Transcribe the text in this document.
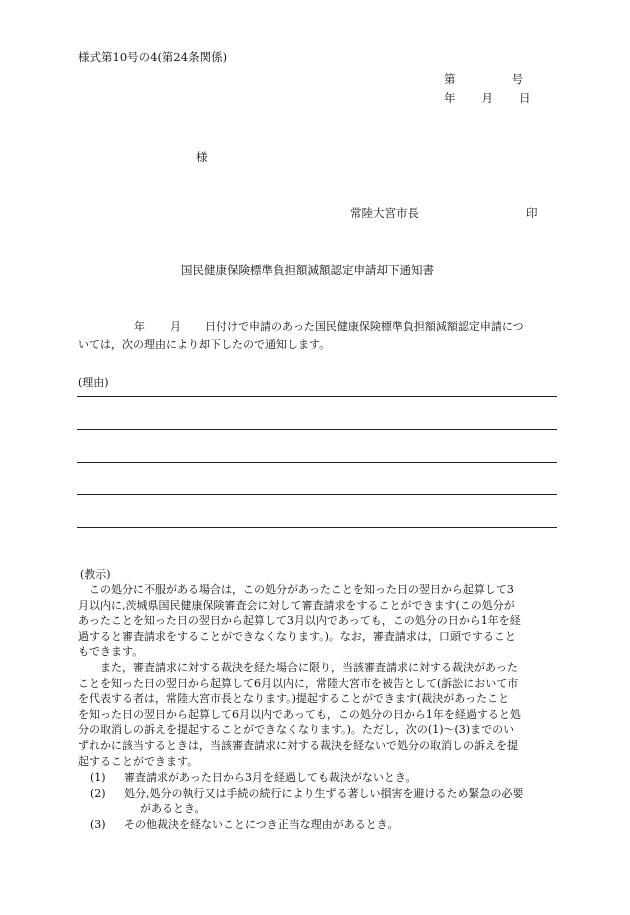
様式第10号の4(第24条関係)
第	号
年 月 日
様
常陸大宮市長	印
国民健康保険標準負担額減額認定申請却下通知書
年 月 日付けで申請のあった国民健康保険標準負担額減額認定申請につ
いては，次の理由により却下したので通知します。
(理由)
(教示)
　この処分に不服がある場合は，この処分があったことを知った日の翌日から起算して3
月以内に,茨城県国民健康保険審査会に対して審査請求をすることができます(この処分が
あったことを知った日の翌日から起算して3月以内であっても，この処分の日から1年を経
過すると審査請求をすることができなくなります。)。なお，審査請求は，口頭ですること
もできます。
　　また，審査請求に対する裁決を経た場合に限り，当該審査請求に対する裁決があった
ことを知った日の翌日から起算して6月以内に，常陸大宮市を被告として(訴訟において市
を代表する者は，常陸大宮市長となります。)提起することができます(裁決があったこと
を知った日の翌日から起算して6月以内であっても，この処分の日から1年を経過すると処
分の取消しの訴えを提起することができなくなります。)。ただし，次の(1)～(3)までのい
ずれかに該当するときは，当該審査請求に対する裁決を経ないで処分の取消しの訴えを提
起することができます。
(1)	審査請求があった日から3月を経過しても裁決がないとき。
(2)	処分,処分の執行又は手続の続行により生ずる著しい損害を避けるため緊急の必要
があるとき。
(3)	その他裁決を経ないことにつき正当な理由があるとき。
